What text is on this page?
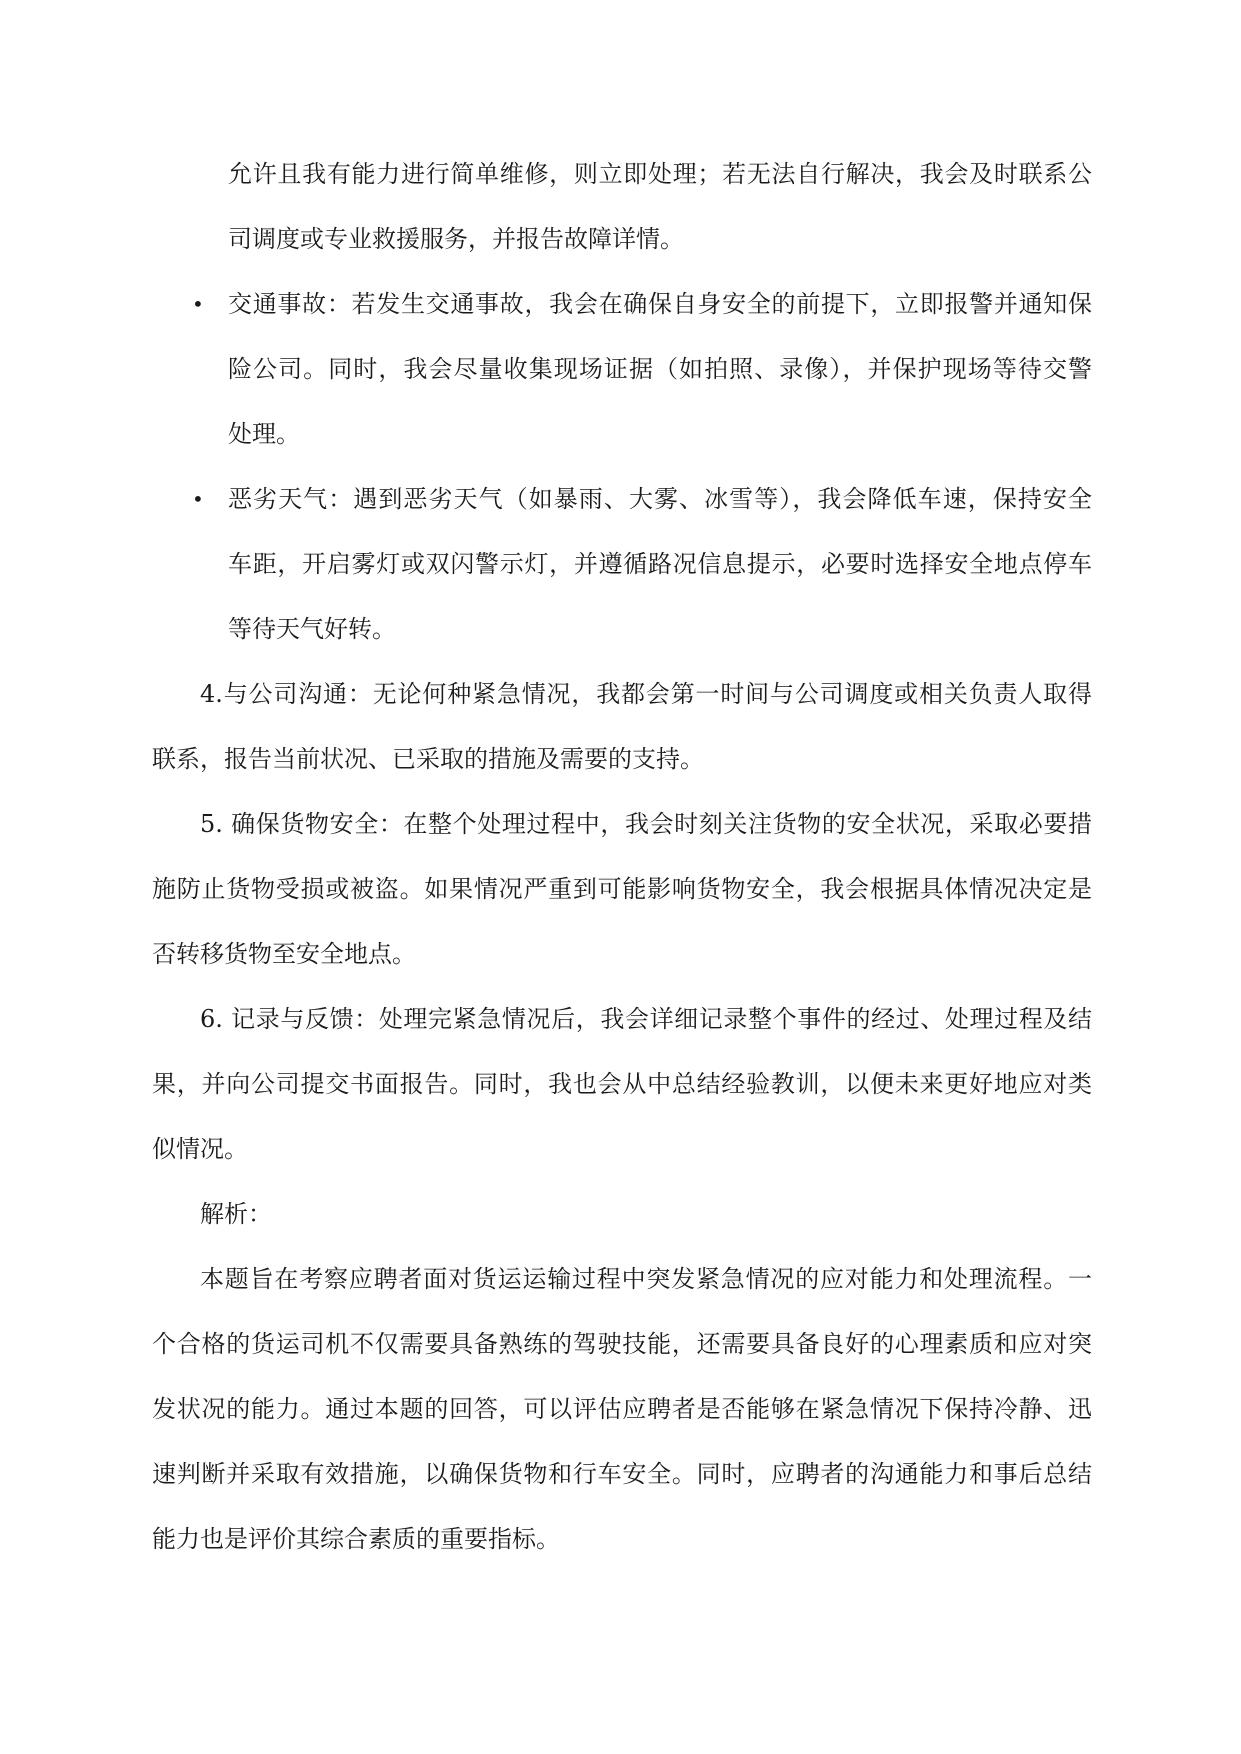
允许且我有能力进行简单维修，则立即处理；若无法自行解决，我会及时联系公
司调度或专业救援服务，并报告故障详情。
•	交通事故：若发生交通事故，我会在确保自身安全的前提下，立即报警并通知保
险公司。同时，我会尽量收集现场证据（如拍照、录像），并保护现场等待交警
处理。
•	恶劣天气：遇到恶劣天气（如暴雨、大雾、冰雪等），我会降低车速，保持安全
车距，开启雾灯或双闪警示灯，并遵循路况信息提示，必要时选择安全地点停车
等待天气好转。
4.与公司沟通：无论何种紧急情况，我都会第一时间与公司调度或相关负责人取得
联系，报告当前状况、已采取的措施及需要的支持。
5. 确保货物安全：在整个处理过程中，我会时刻关注货物的安全状况，采取必要措
施防止货物受损或被盗。如果情况严重到可能影响货物安全，我会根据具体情况决定是
否转移货物至安全地点。
6. 记录与反馈：处理完紧急情况后，我会详细记录整个事件的经过、处理过程及结
果，并向公司提交书面报告。同时，我也会从中总结经验教训，以便未来更好地应对类
似情况。
解析：
本题旨在考察应聘者面对货运运输过程中突发紧急情况的应对能力和处理流程。一
个合格的货运司机不仅需要具备熟练的驾驶技能，还需要具备良好的心理素质和应对突
发状况的能力。通过本题的回答，可以评估应聘者是否能够在紧急情况下保持冷静、迅
速判断并采取有效措施，以确保货物和行车安全。同时，应聘者的沟通能力和事后总结
能力也是评价其综合素质的重要指标。
